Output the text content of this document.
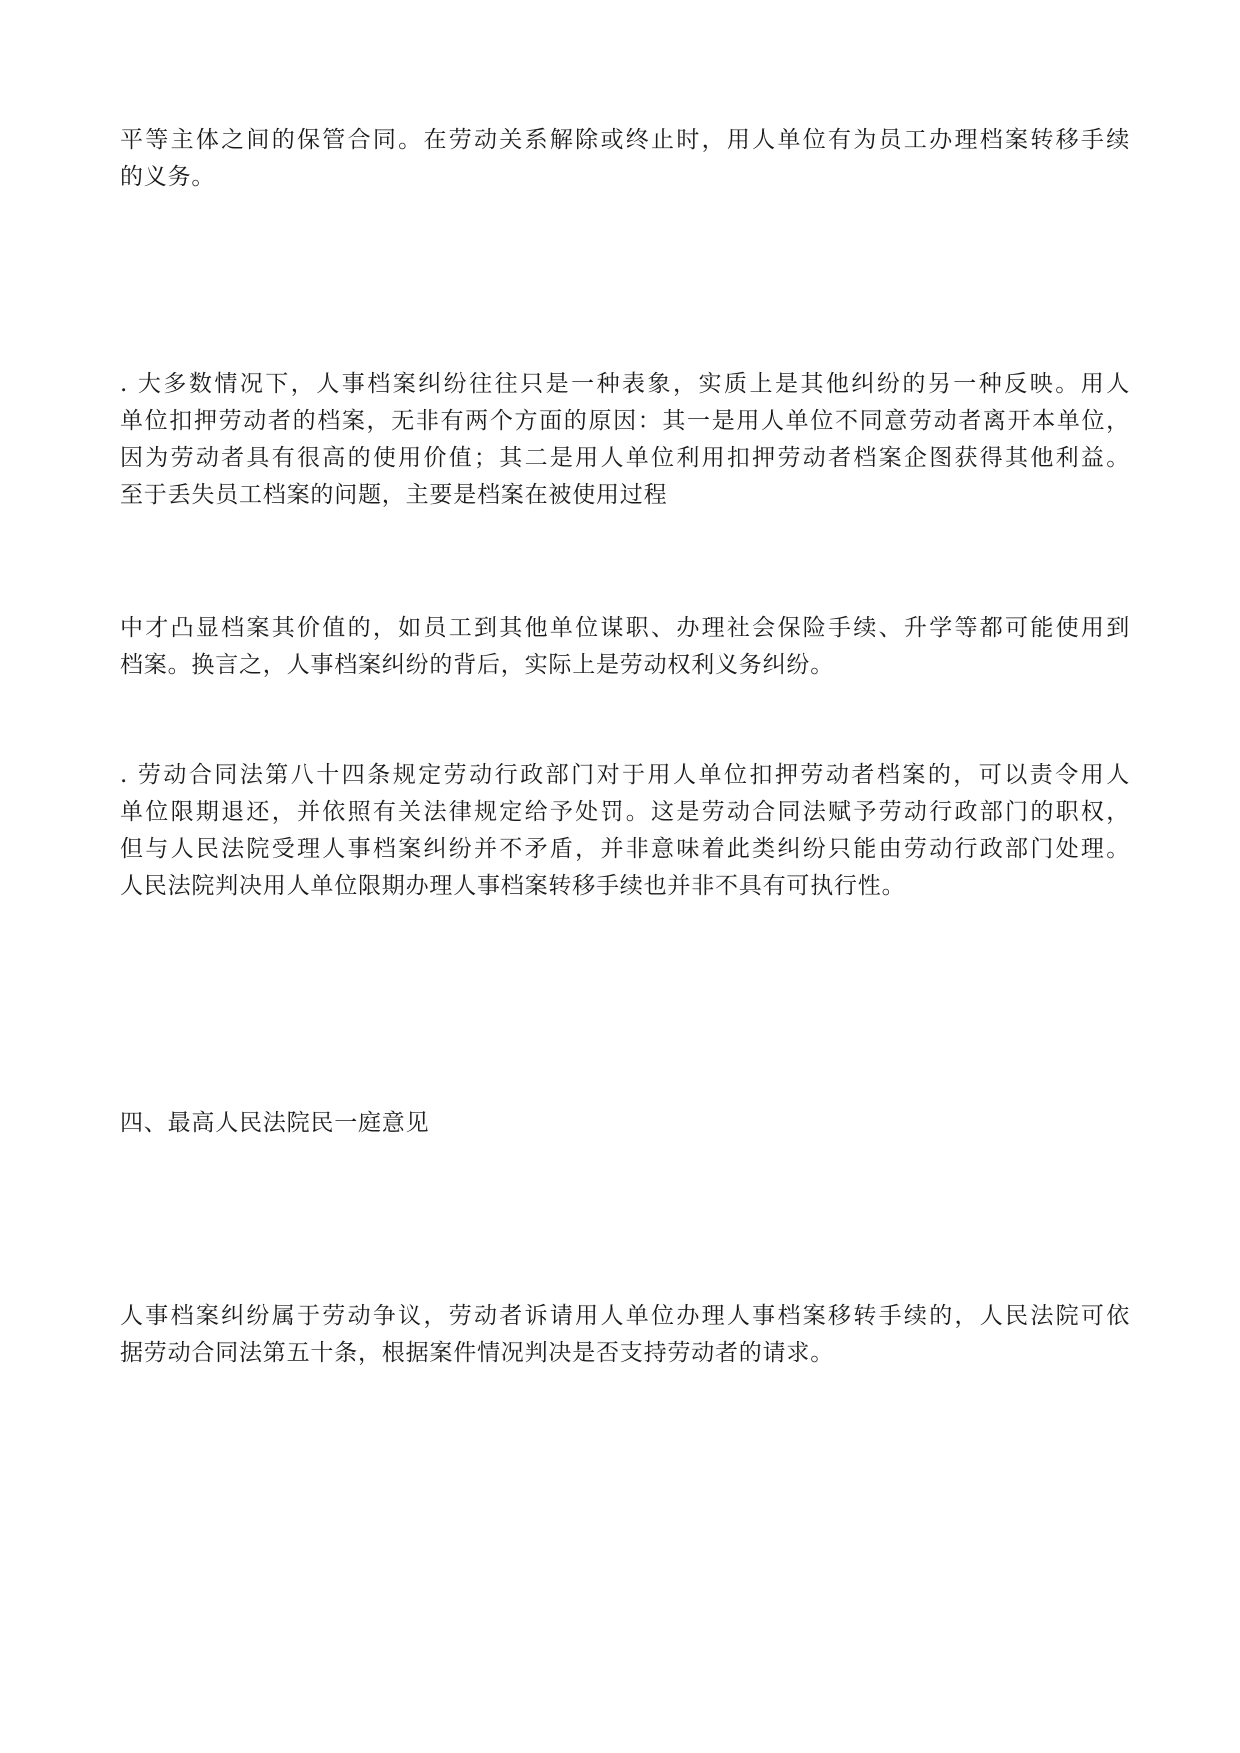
平等主体之间的保管合同。在劳动关系解除或终止时，用人单位有为员工办理档案转移手续
的义务。

. 大多数情况下，人事档案纠纷往往只是一种表象，实质上是其他纠纷的另一种反映。用人
单位扣押劳动者的档案，无非有两个方面的原因：其一是用人单位不同意劳动者离开本单位，
因为劳动者具有很高的使用价值；其二是用人单位利用扣押劳动者档案企图获得其他利益。
至于丢失员工档案的问题，主要是档案在被使用过程

中才凸显档案其价值的，如员工到其他单位谋职、办理社会保险手续、升学等都可能使用到
档案。换言之，人事档案纠纷的背后，实际上是劳动权利义务纠纷。

. 劳动合同法第八十四条规定劳动行政部门对于用人单位扣押劳动者档案的，可以责令用人
单位限期退还，并依照有关法律规定给予处罚。这是劳动合同法赋予劳动行政部门的职权，
但与人民法院受理人事档案纠纷并不矛盾，并非意味着此类纠纷只能由劳动行政部门处理。
人民法院判决用人单位限期办理人事档案转移手续也并非不具有可执行性。

四、最高人民法院民一庭意见

人事档案纠纷属于劳动争议，劳动者诉请用人单位办理人事档案移转手续的，人民法院可依
据劳动合同法第五十条，根据案件情况判决是否支持劳动者的请求。
